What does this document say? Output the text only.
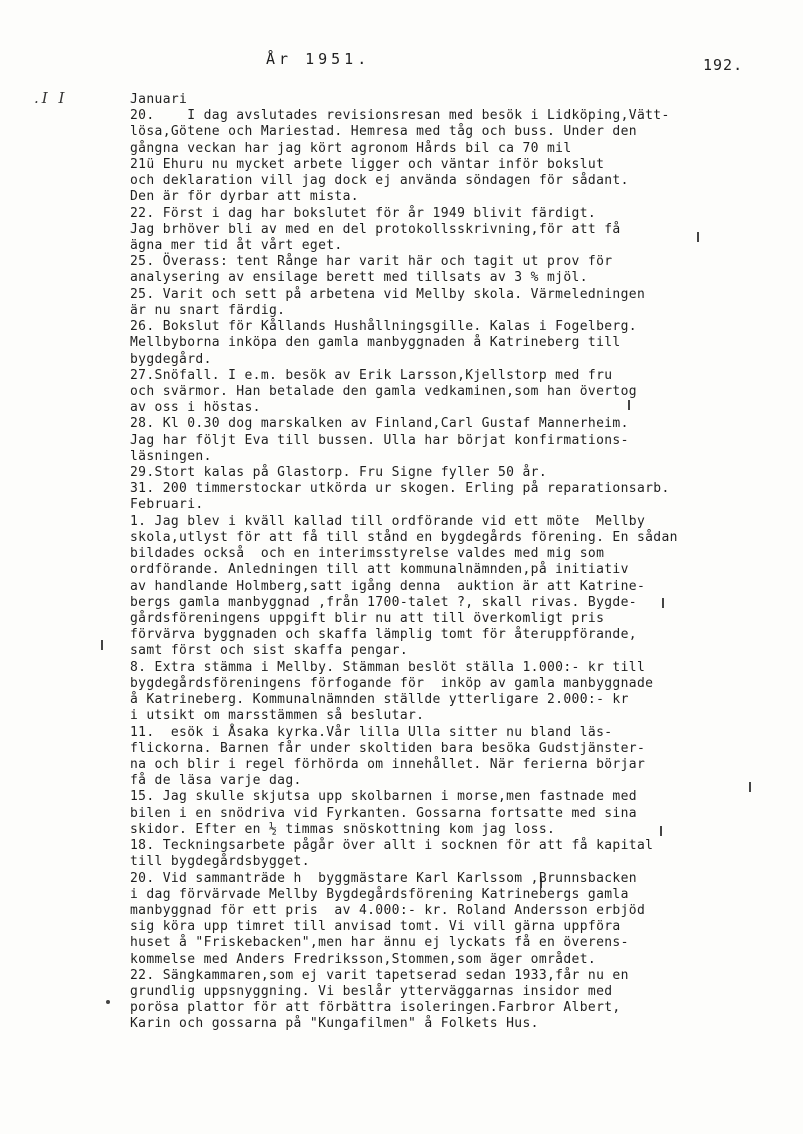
År 1951.	192.
.I I	Januari
20.    I dag avslutades revisionsresan med besök i Lidköping,Vätt-
lösa,Götene och Mariestad. Hemresa med tåg och buss. Under den
gångna veckan har jag kört agronom Hårds bil ca 70 mil
21ü Ehuru nu mycket arbete ligger och väntar inför bokslut
och deklaration vill jag dock ej använda söndagen för sådant.
Den är för dyrbar att mista.
22. Först i dag har bokslutet för år 1949 blivit färdigt.
Jag brhöver bli av med en del protokollsskrivning,för att få
ägna mer tid åt vårt eget.
25. Överass: tent Rånge har varit här och tagit ut prov för
analysering av ensilage berett med tillsats av 3 % mjöl.
25. Varit och sett på arbetena vid Mellby skola. Värmeledningen
är nu snart färdig.
26. Bokslut för Kållands Hushållningsgille. Kalas i Fogelberg.
Mellbyborna inköpa den gamla manbyggnaden å Katrineberg till
bygdegård.
27.Snöfall. I e.m. besök av Erik Larsson,Kjellstorp med fru
och svärmor. Han betalade den gamla vedkaminen,som han övertog
av oss i höstas.
28. Kl 0.30 dog marskalken av Finland,Carl Gustaf Mannerheim.
Jag har följt Eva till bussen. Ulla har börjat konfirmations-
läsningen.
29.Stort kalas på Glastorp. Fru Signe fyller 50 år.
31. 200 timmerstockar utkörda ur skogen. Erling på reparationsarb.
Februari.
1. Jag blev i kväll kallad till ordförande vid ett möte  Mellby
skola,utlyst för att få till stånd en bygdegårds förening. En sådan
bildades också  och en interimsstyrelse valdes med mig som
ordförande. Anledningen till att kommunalnämnden,på initiativ
av handlande Holmberg,satt igång denna  auktion är att Katrine-
bergs gamla manbyggnad ,från 1700-talet ?, skall rivas. Bygde-
gårdsföreningens uppgift blir nu att till överkomligt pris
förvärva byggnaden och skaffa lämplig tomt för återuppförande,
samt först och sist skaffa pengar.
8. Extra stämma i Mellby. Stämman beslöt ställa 1.000:- kr till
bygdegårdsföreningens förfogande för  inköp av gamla manbyggnade
å Katrineberg. Kommunalnämnden ställde ytterligare 2.000:- kr
i utsikt om marsstämmen så beslutar.
11.  esök i Åsaka kyrka.Vår lilla Ulla sitter nu bland läs-
flickorna. Barnen får under skoltiden bara besöka Gudstjänster-
na och blir i regel förhörda om innehållet. När ferierna börjar
få de läsa varje dag.
15. Jag skulle skjutsa upp skolbarnen i morse,men fastnade med
bilen i en snödriva vid Fyrkanten. Gossarna fortsatte med sina
skidor. Efter en ½ timmas snöskottning kom jag loss.
18. Teckningsarbete pågår över allt i socknen för att få kapital
till bygdegårdsbygget.
20. Vid sammanträde h  byggmästare Karl Karlssom ,Brunnsbacken
i dag förvärvade Mellby Bygdegårdsförening Katrinebergs gamla
manbyggnad för ett pris  av 4.000:- kr. Roland Andersson erbjöd
sig köra upp timret till anvisad tomt. Vi vill gärna uppföra
huset å "Friskebacken",men har ännu ej lyckats få en överens-
kommelse med Anders Fredriksson,Stommen,som äger området.
22. Sängkammaren,som ej varit tapetserad sedan 1933,får nu en
grundlig uppsnyggning. Vi beslår ytterväggarnas insidor med
porösa plattor för att förbättra isoleringen.Farbror Albert,
Karin och gossarna på "Kungafilmen" å Folkets Hus.
